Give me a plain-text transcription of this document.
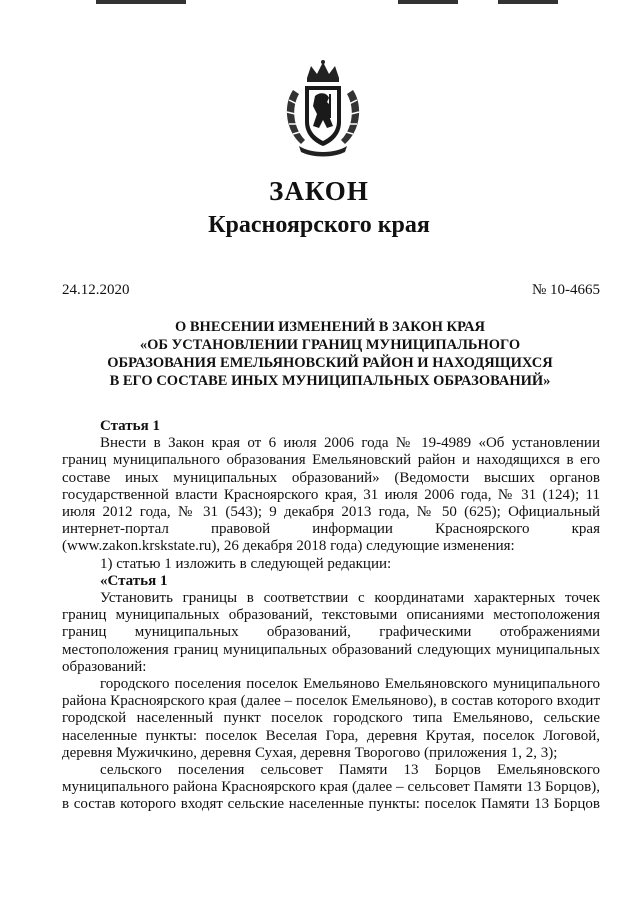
ЗАКОН
Красноярского края
24.12.2020	№ 10-4665
О ВНЕСЕНИИ ИЗМЕНЕНИЙ В ЗАКОН КРАЯ
«ОБ УСТАНОВЛЕНИИ ГРАНИЦ МУНИЦИПАЛЬНОГО
ОБРАЗОВАНИЯ ЕМЕЛЬЯНОВСКИЙ РАЙОН И НАХОДЯЩИХСЯ
В ЕГО СОСТАВЕ ИНЫХ МУНИЦИПАЛЬНЫХ ОБРАЗОВАНИЙ»

Статья 1

Внести в Закон края от 6 июля 2006 года № 19-4989 «Об установлении границ муниципального образования Емельяновский район и находящихся в его составе иных муниципальных образований» (Ведомости высших органов государственной власти Красноярского края, 31 июля 2006 года, № 31 (124); 11 июля 2012 года, № 31 (543); 9 декабря 2013 года, № 50 (625); Официальный интернет-портал правовой информации Красноярского края (www.zakon.krskstate.ru), 26 декабря 2018 года) следующие изменения:

1) статью 1 изложить в следующей редакции:

«Статья 1

Установить границы в соответствии с координатами характерных точек границ муниципальных образований, текстовыми описаниями местоположения границ муниципальных образований, графическими отображениями местоположения границ муниципальных образований следующих муниципальных образований:

городского поселения поселок Емельяново Емельяновского муниципального района Красноярского края (далее – поселок Емельяново), в состав которого входит городской населенный пункт поселок городского типа Емельяново, сельские населенные пункты: поселок Веселая Гора, деревня Крутая, поселок Логовой, деревня Мужичкино, деревня Сухая, деревня Творогово (приложения 1, 2, 3);

сельского поселения сельсовет Памяти 13 Борцов Емельяновского муниципального района Красноярского края (далее – сельсовет Памяти 13 Борцов), в состав которого входят сельские населенные пункты: поселок Памяти 13 Борцов
